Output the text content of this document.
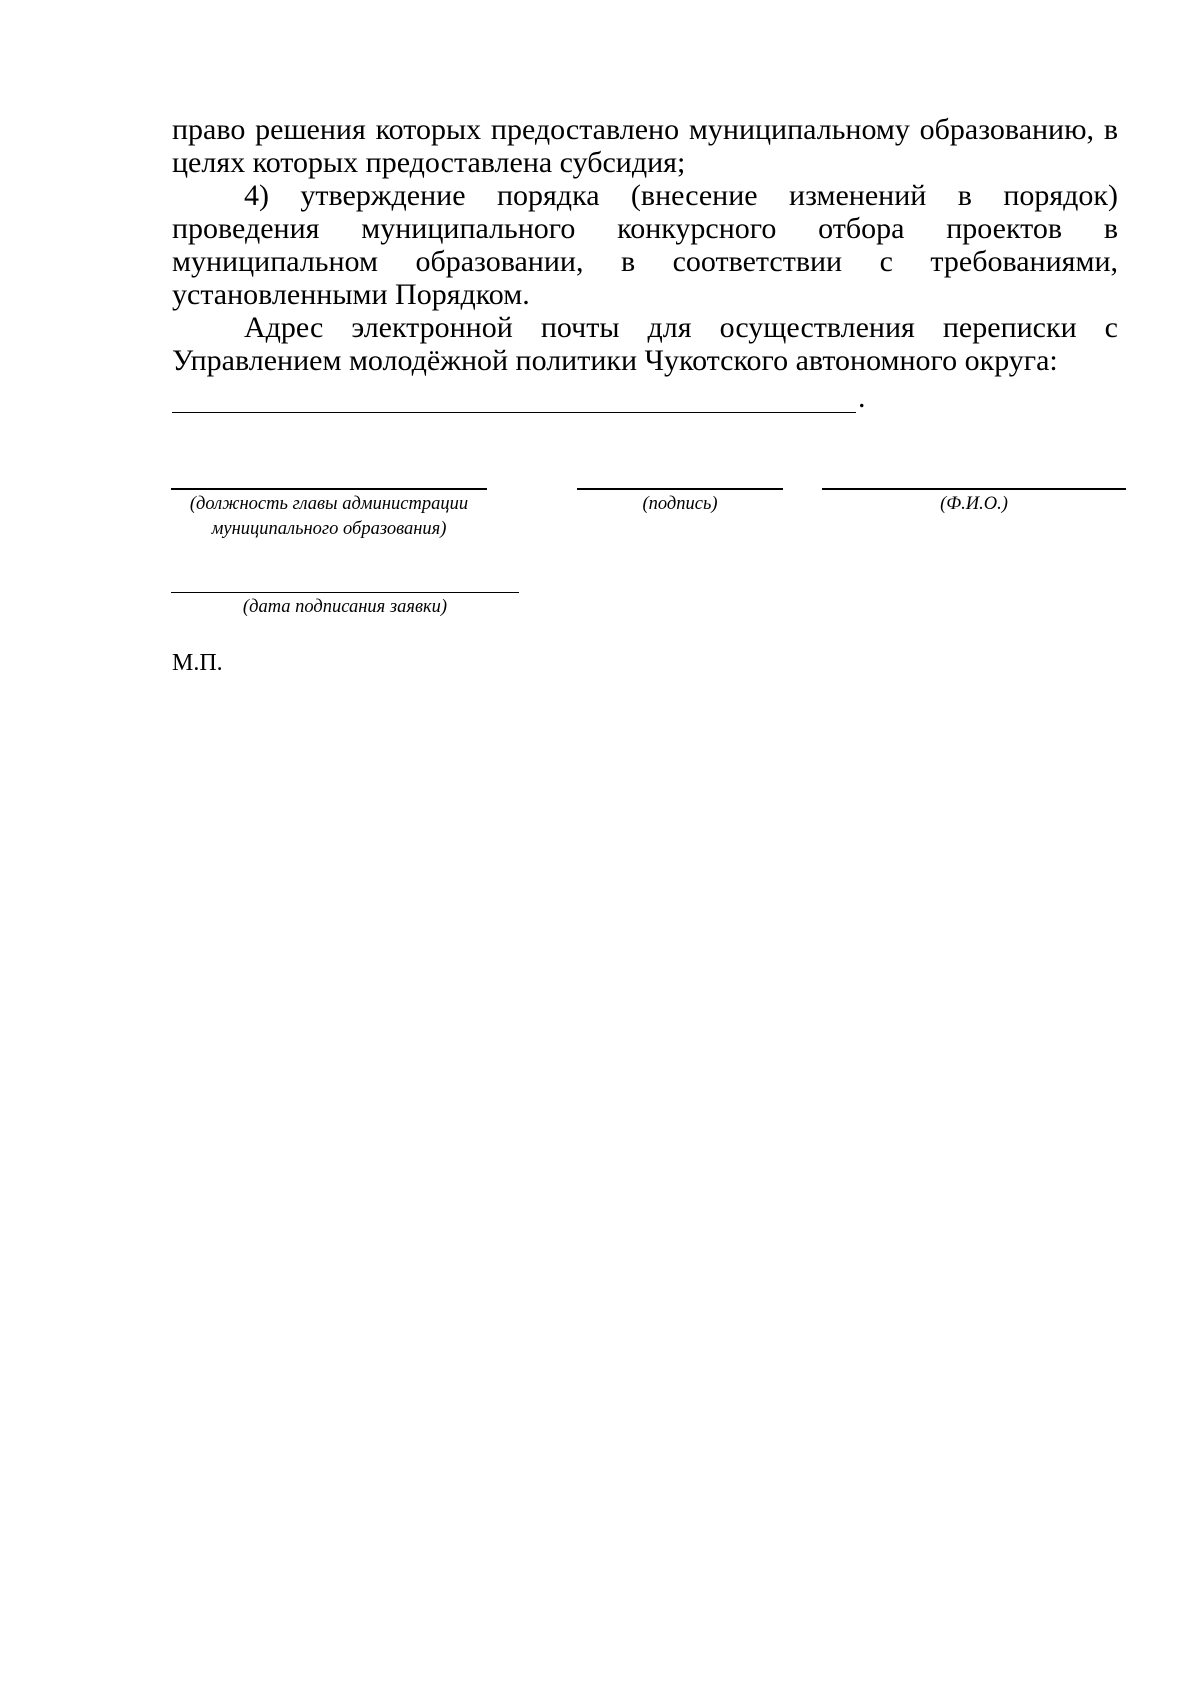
право решения которых предоставлено муниципальному образованию, в целях которых предоставлена субсидия;

4) утверждение порядка (внесение изменений в порядок) проведения муниципального конкурсного отбора проектов в муниципальном образовании, в соответствии с требованиями, установленными Порядком.

Адрес электронной почты для осуществления переписки с Управлением молодёжной политики Чукотского автономного округа:

.
(должность главы администрации
муниципального образования)
(подпись)	(Ф.И.О.)
(дата подписания заявки)
М.П.
